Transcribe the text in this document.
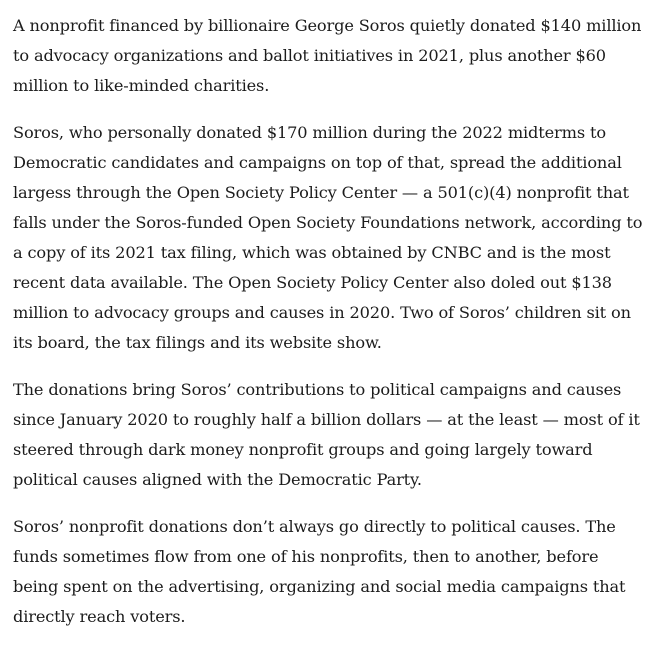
A nonprofit financed by billionaire George Soros quietly donated $140 million to advocacy organizations and ballot initiatives in 2021, plus another $60 million to like-minded charities.

Soros, who personally donated $170 million during the 2022 midterms to Democratic candidates and campaigns on top of that, spread the additional largess through the Open Society Policy Center — a 501(c)(4) nonprofit that falls under the Soros-funded Open Society Foundations network, according to a copy of its 2021 tax filing, which was obtained by CNBC and is the most recent data available. The Open Society Policy Center also doled out $138 million to advocacy groups and causes in 2020. Two of Soros’ children sit on its board, the tax filings and its website show.

The donations bring Soros’ contributions to political campaigns and causes since January 2020 to roughly half a billion dollars — at the least — most of it steered through dark money nonprofit groups and going largely toward political causes aligned with the Democratic Party.

Soros’ nonprofit donations don’t always go directly to political causes. The funds sometimes flow from one of his nonprofits, then to another, before being spent on the advertising, organizing and social media campaigns that directly reach voters.
